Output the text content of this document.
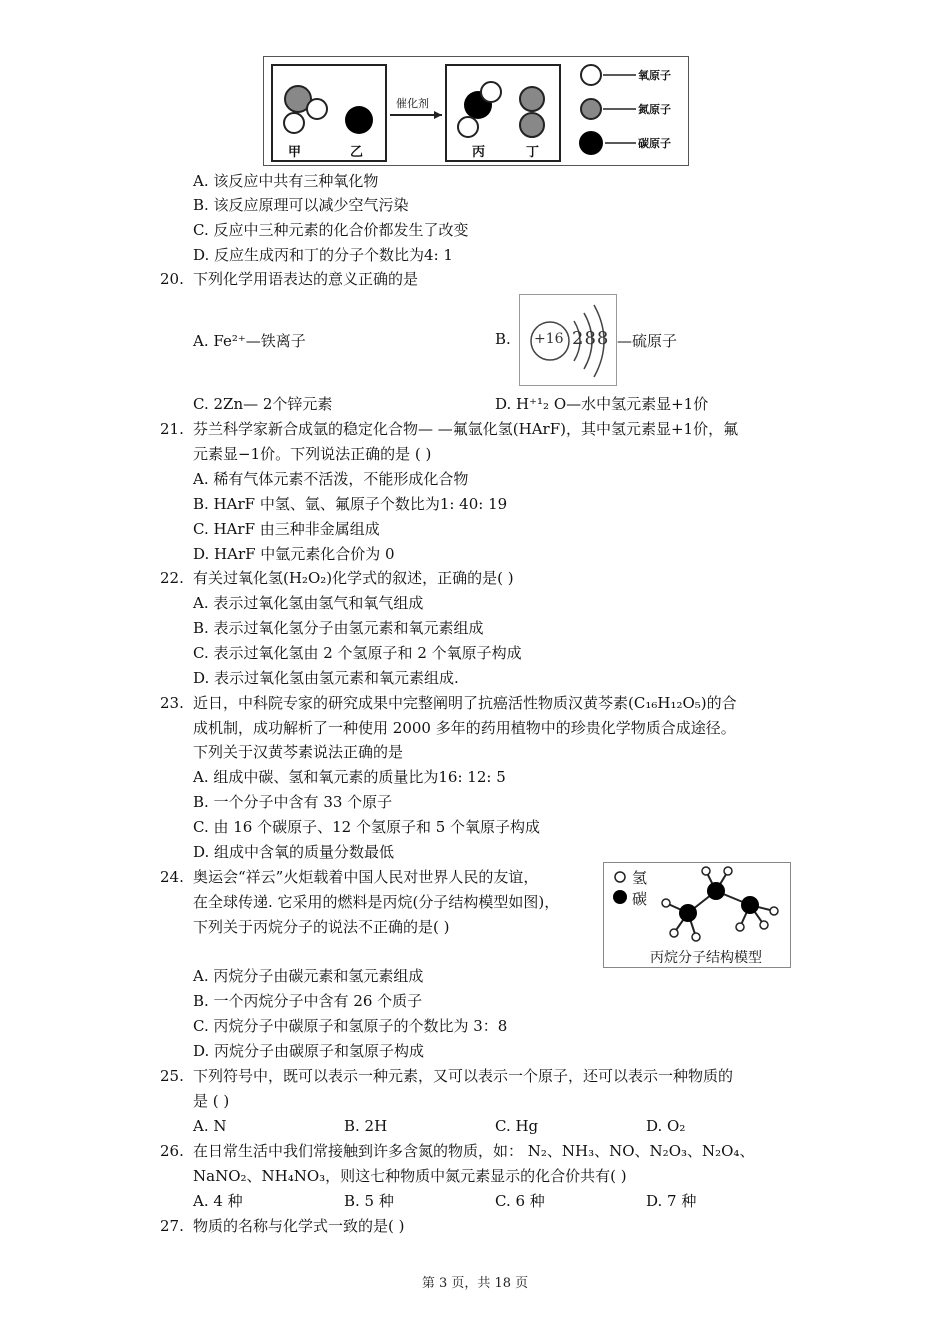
甲	乙	丙	丁
催化剂
氧原子
氮原子
碳原子
A. 该反应中共有三种氧化物
B. 该反应原理可以减少空气污染
C. 反应中三种元素的化合价都发生了改变
D. 反应生成丙和丁的分子个数比为4: 1
20. 下列化学用语表达的意义正确的是
A. Fe²⁺—铁离子	B. +16 288 —硫原子
C. 2Zn— 2个锌元素	D. H⁺¹₂ O—水中氢元素显+1价
21. 芬兰科学家新合成氩的稳定化合物— —氟氩化氢(HArF)，其中氢元素显+1价，氟
元素显−1价。下列说法正确的是 ( )
A. 稀有气体元素不活泼，不能形成化合物
B. HArF 中氢、氩、氟原子个数比为1: 40: 19
C. HArF 由三种非金属组成
D. HArF 中氩元素化合价为 0
22. 有关过氧化氢(H₂O₂)化学式的叙述，正确的是( )
A. 表示过氧化氢由氢气和氧气组成
B. 表示过氧化氢分子由氢元素和氧元素组成
C. 表示过氧化氢由 2 个氢原子和 2 个氧原子构成
D. 表示过氧化氢由氢元素和氧元素组成.
23. 近日，中科院专家的研究成果中完整阐明了抗癌活性物质汉黄芩素(C₁₆H₁₂O₅)的合
成机制，成功解析了一种使用 2000 多年的药用植物中的珍贵化学物质合成途径。
下列关于汉黄芩素说法正确的是
A. 组成中碳、氢和氧元素的质量比为16: 12: 5
B. 一个分子中含有 33 个原子
C. 由 16 个碳原子、12 个氢原子和 5 个氧原子构成
D. 组成中含氧的质量分数最低
24. 奥运会“祥云”火炬载着中国人民对世界人民的友谊，
在全球传递. 它采用的燃料是丙烷(分子结构模型如图)，
下列关于丙烷分子的说法不正确的是( )
氢
碳
丙烷分子结构模型
A. 丙烷分子由碳元素和氢元素组成
B. 一个丙烷分子中含有 26 个质子
C. 丙烷分子中碳原子和氢原子的个数比为 3：8
D. 丙烷分子由碳原子和氢原子构成
25. 下列符号中，既可以表示一种元素，又可以表示一个原子，还可以表示一种物质的
是 ( )
A. N	B. 2H	C. Hg	D. O₂
26. 在日常生活中我们常接触到许多含氮的物质，如： N₂、NH₃、NO、N₂O₃、N₂O₄、
NaNO₂、NH₄NO₃，则这七种物质中氮元素显示的化合价共有( )
A. 4 种	B. 5 种	C. 6 种	D. 7 种
27. 物质的名称与化学式一致的是( )
第 3 页，共 18 页
